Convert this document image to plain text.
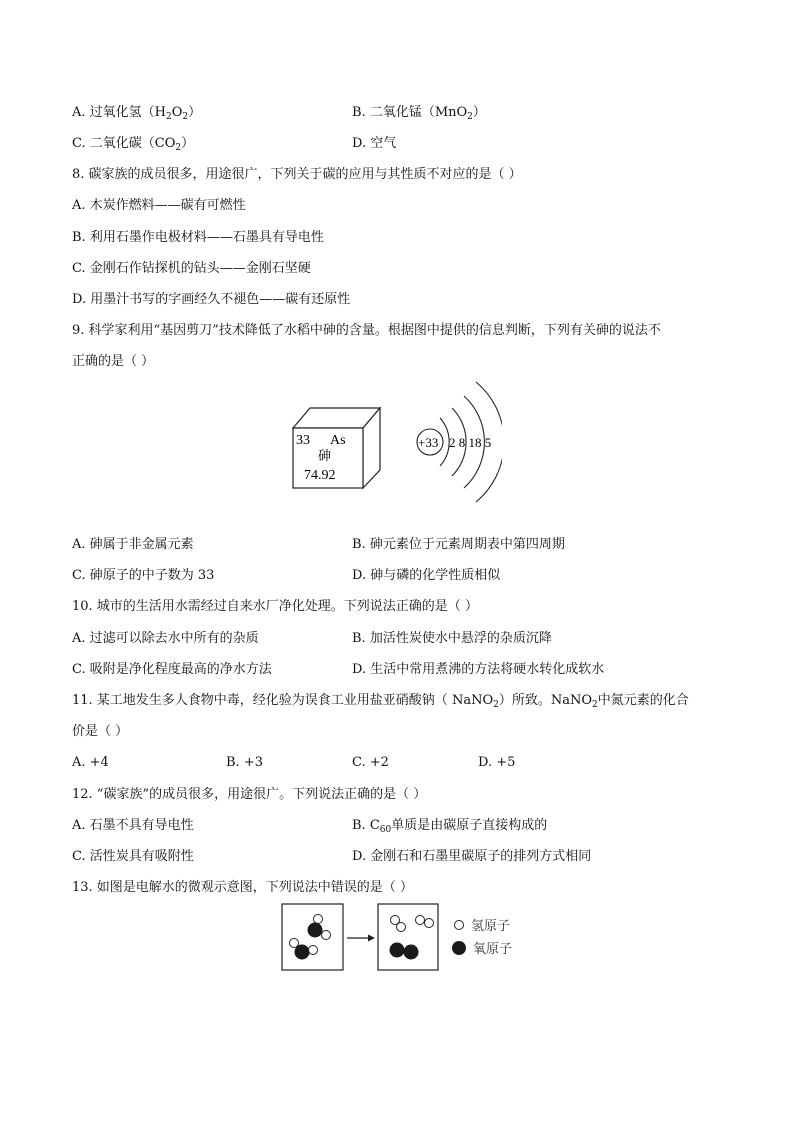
A. 过氧化氢$(H_2O_2)$	B. 二氧化锰（MnO$_2$）
C. 二氧化碳$(CO_2)$	D. 空气
8. 碳家族的成员很多，用途很广，下列关于碳的应用与其性质不对应的是（ ）
A. 木炭作燃料——碳有可燃性
B. 利用石墨作电极材料——石墨具有导电性
C. 金刚石作钻探机的钻头——金刚石坚硬
D. 用墨汁书写的字画经久不褪色——碳有还原性
9. 科学家利用“基因剪刀”技术降低了水稻中砷的含量。根据图中提供的信息判断，下列有关砷的说法不
正确的是（ ）
33 As
砷
74.92
+33 2 8 18 5
A. 砷属于非金属元素	B. 砷元素位于元素周期表中第四周期
C. 砷原子的中子数为 33	D. 砷与磷的化学性质相似
10. 城市的生活用水需经过自来水厂净化处理。下列说法正确的是（ ）
A. 过滤可以除去水中所有的杂质	B. 加活性炭使水中悬浮的杂质沉降
C. 吸附是净化程度最高的净水方法	D. 生活中常用煮沸的方法将硬水转化成软水
11. 某工地发生多人食物中毒，经化验为误食工业用盐亚硝酸钠（ NaNO$_2$）所致。NaNO$_2$中氮元素的化合
价是（ ）
A. +4	B. +3	C. +2	D. +5
12. “碳家族”的成员很多，用途很广。下列说法正确的是（ ）
A. 石墨不具有导电性	B. $C_{60}$单质是由碳原子直接构成的
C. 活性炭具有吸附性	D. 金刚石和石墨里碳原子的排列方式相同
13. 如图是电解水的微观示意图，下列说法中错误的是（ ）
氢原子
氧原子
